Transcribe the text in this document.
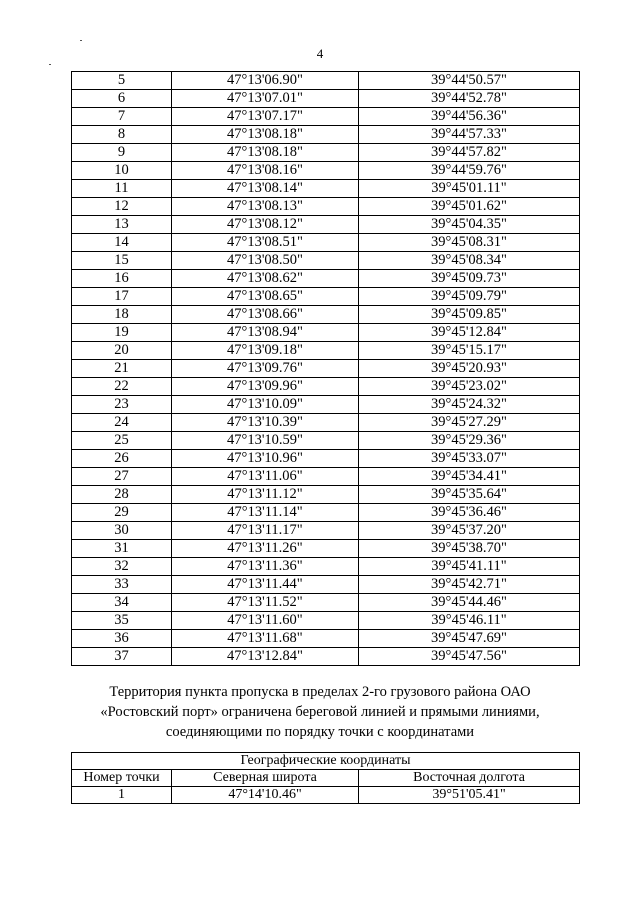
4
5	47°13'06.90"	39°44'50.57"
6	47°13'07.01"	39°44'52.78"
7	47°13'07.17"	39°44'56.36"
8	47°13'08.18"	39°44'57.33"
9	47°13'08.18"	39°44'57.82"
10	47°13'08.16"	39°44'59.76"
11	47°13'08.14"	39°45'01.11"
12	47°13'08.13"	39°45'01.62"
13	47°13'08.12"	39°45'04.35"
14	47°13'08.51"	39°45'08.31"
15	47°13'08.50"	39°45'08.34"
16	47°13'08.62"	39°45'09.73"
17	47°13'08.65"	39°45'09.79"
18	47°13'08.66"	39°45'09.85"
19	47°13'08.94"	39°45'12.84"
20	47°13'09.18"	39°45'15.17"
21	47°13'09.76"	39°45'20.93"
22	47°13'09.96"	39°45'23.02"
23	47°13'10.09"	39°45'24.32"
24	47°13'10.39"	39°45'27.29"
25	47°13'10.59"	39°45'29.36"
26	47°13'10.96"	39°45'33.07"
27	47°13'11.06"	39°45'34.41"
28	47°13'11.12"	39°45'35.64"
29	47°13'11.14"	39°45'36.46"
30	47°13'11.17"	39°45'37.20"
31	47°13'11.26"	39°45'38.70"
32	47°13'11.36"	39°45'41.11"
33	47°13'11.44"	39°45'42.71"
34	47°13'11.52"	39°45'44.46"
35	47°13'11.60"	39°45'46.11"
36	47°13'11.68"	39°45'47.69"
37	47°13'12.84"	39°45'47.56"
Территория пункта пропуска в пределах 2-го грузового района ОАО
«Ростовский порт» ограничена береговой линией и прямыми линиями,
соединяющими по порядку точки с координатами
Географические координаты		
Номер точки	Северная широта	Восточная долгота
1	47°14'10.46"	39°51'05.41"
